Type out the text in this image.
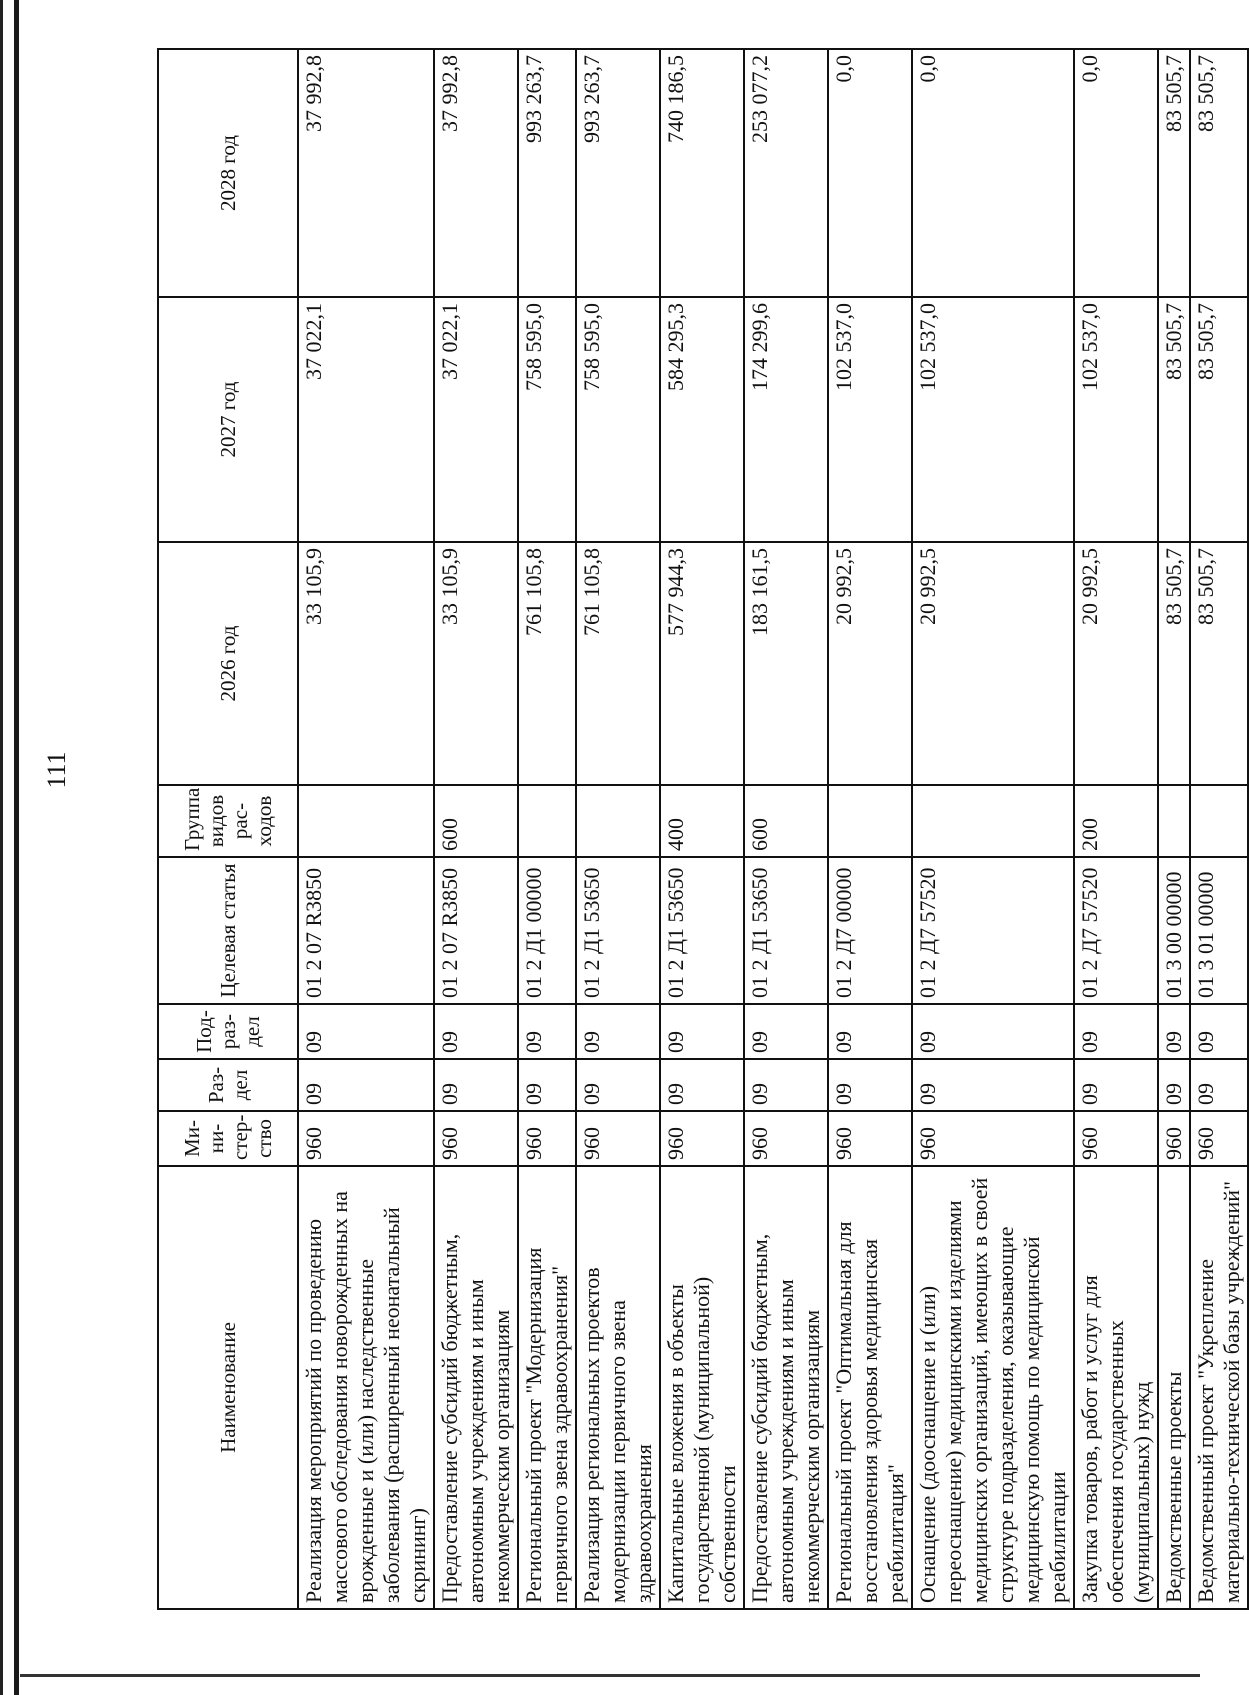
111
Наименование	Ми-ни-стер-ство	Раз-дел	Под-раз-дел	Целевая статья	Группа видов рас-ходов	2026 год	2027 год	2028 год
Реализация мероприятий по проведению массового обследования новорожденных на врожденные и (или) наследственные заболевания (расширенный неонатальный скрининг)	960	09	09	01 2 07 R3850		33 105,9	37 022,1	37 992,8
Предоставление субсидий бюджетным, автономным учреждениям и иным некоммерческим организациям	960	09	09	01 2 07 R3850	600	33 105,9	37 022,1	37 992,8
Региональный проект "Модернизация первичного звена здравоохранения"	960	09	09	01 2 Д1 00000		761 105,8	758 595,0	993 263,7
Реализация региональных проектов модернизации первичного звена здравоохранения	960	09	09	01 2 Д1 53650		761 105,8	758 595,0	993 263,7
Капитальные вложения в объекты государственной (муниципальной) собственности	960	09	09	01 2 Д1 53650	400	577 944,3	584 295,3	740 186,5
Предоставление субсидий бюджетным, автономным учреждениям и иным некоммерческим организациям	960	09	09	01 2 Д1 53650	600	183 161,5	174 299,6	253 077,2
Региональный проект "Оптимальная для восстановления здоровья медицинская реабилитация"	960	09	09	01 2 Д7 00000		20 992,5	102 537,0	0,0
Оснащение (дооснащение и (или) переоснащение) медицинскими изделиями медицинских организаций, имеющих в своей структуре подразделения, оказывающие медицинскую помощь по медицинской реабилитации	960	09	09	01 2 Д7 57520		20 992,5	102 537,0	0,0
Закупка товаров, работ и услуг для обеспечения государственных (муниципальных) нужд	960	09	09	01 2 Д7 57520	200	20 992,5	102 537,0	0,0
Ведомственные проекты	960	09	09	01 3 00 00000		83 505,7	83 505,7	83 505,7
Ведомственный проект "Укрепление материально-технической базы учреждений"	960	09	09	01 3 01 00000		83 505,7	83 505,7	83 505,7
